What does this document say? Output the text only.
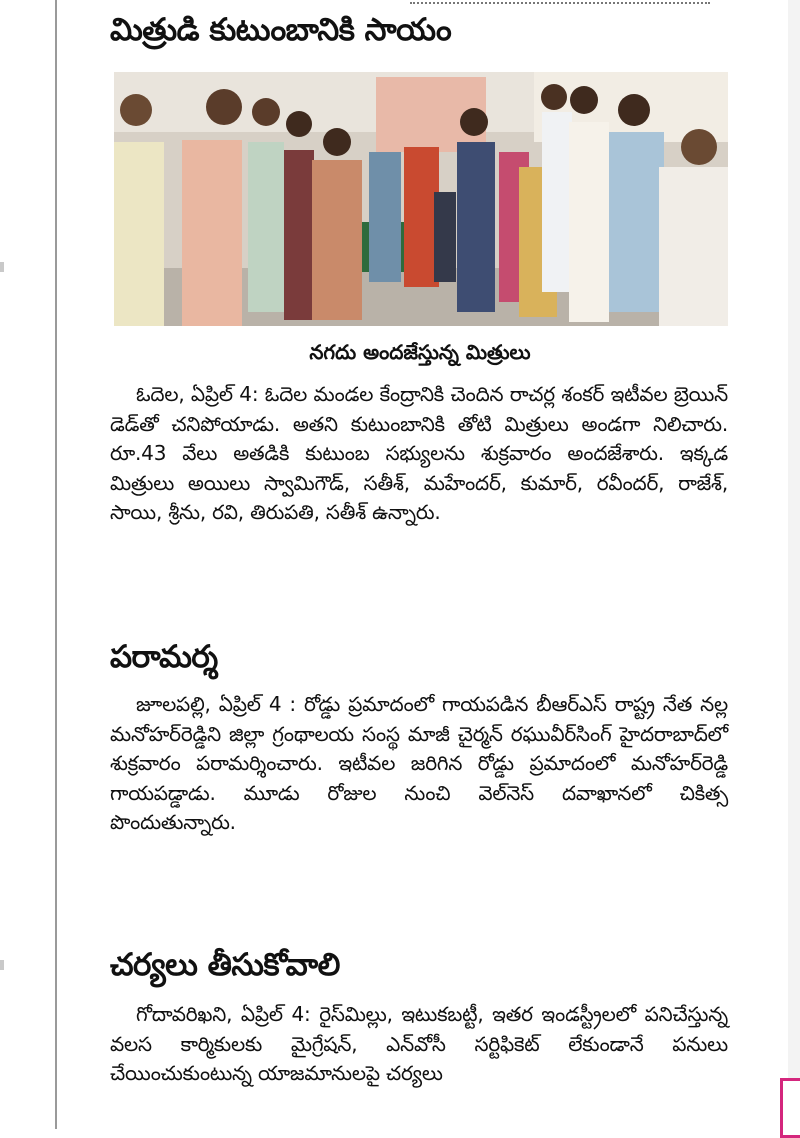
మిత్రుడి కుటుంబానికి సాయం
నగదు అందజేస్తున్న మిత్రులు

ఓదెల, ఏప్రిల్ 4: ఓదెల మండల కేంద్రానికి చెందిన రాచర్ల శంకర్ ఇటీవల బ్రెయిన్ డెడ్‌తో చనిపోయాడు. అతని కుటుంబానికి తోటి మిత్రులు అండగా నిలిచారు. రూ.43 వేలు అతడికి కుటుంబ సభ్యులను శుక్రవారం అందజేశారు. ఇక్కడ మిత్రులు అయిలు స్వామిగౌడ్, సతీశ్, మహేందర్, కుమార్, రవీందర్, రాజేశ్, సాయి, శ్రీను, రవి, తిరుపతి, సతీశ్ ఉన్నారు.

పరామర్శ

జూలపల్లి, ఏప్రిల్ 4 : రోడ్డు ప్రమాదంలో గాయపడిన బీఆర్ఎస్ రాష్ట్ర నేత నల్ల మనోహర్‌రెడ్డిని జిల్లా గ్రంథాలయ సంస్థ మాజీ చైర్మన్ రఘువీర్‌సింగ్ హైదరాబాద్‌లో శుక్రవారం పరామర్శించారు. ఇటీవల జరిగిన రోడ్డు ప్రమాదంలో మనోహర్‌రెడ్డి గాయపడ్డాడు. మూడు రోజుల నుంచి వెల్‌నెస్ దవాఖానలో చికిత్స పొందుతున్నారు.

చర్యలు తీసుకోవాలి

గోదావరిఖని, ఏప్రిల్ 4: రైస్‌మిల్లు, ఇటుకబట్టీ, ఇతర ఇండస్ట్రీలలో పనిచేస్తున్న వలస కార్మికులకు మైగ్రేషన్, ఎన్‌వోసీ సర్టిఫికెట్ లేకుండానే పనులు చేయించుకుంటున్న యాజమానులపై చర్యలు
